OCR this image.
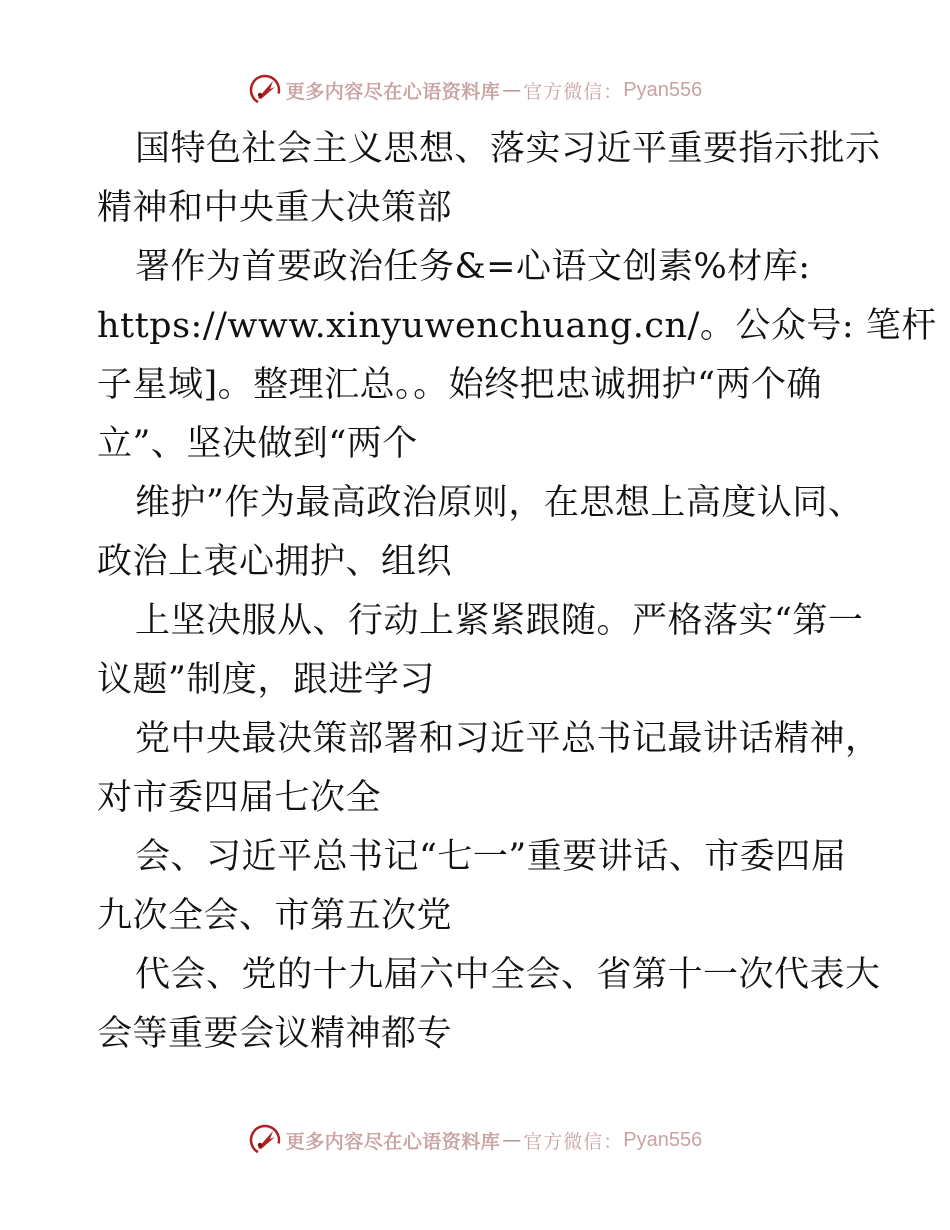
更多内容尽在心语资料库 — 官方微信： Pyan556
国特色社会主义思想、落实习近平重要指示批示
精神和中央重大决策部
署作为首要政治任务&=心语文创素%材库:
https://www.xinyuwenchuang.cn/。公众号: 笔杆
子星域]。整理汇总。。始终把忠诚拥护“两个确
立”、坚决做到“两个
维护”作为最高政治原则，在思想上高度认同、
政治上衷心拥护、组织
上坚决服从、行动上紧紧跟随。严格落实“第一
议题”制度，跟进学习
党中央最决策部署和习近平总书记最讲话精神，
对市委四届七次全
会、习近平总书记“七一”重要讲话、市委四届
九次全会、市第五次党
代会、党的十九届六中全会、省第十一次代表大
会等重要会议精神都专
更多内容尽在心语资料库 — 官方微信： Pyan556
